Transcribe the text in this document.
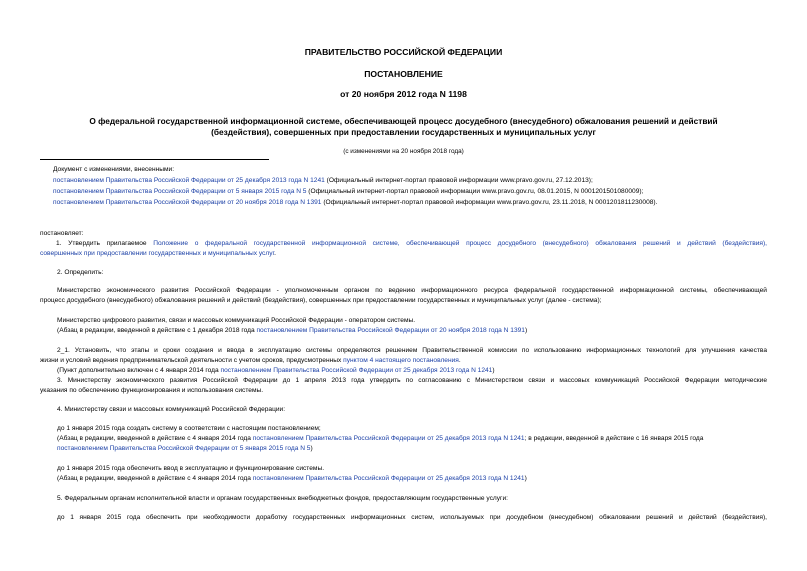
ПРАВИТЕЛЬСТВО РОССИЙСКОЙ ФЕДЕРАЦИИ
ПОСТАНОВЛЕНИЕ
от 20 ноября 2012 года N 1198
О федеральной государственной информационной системе, обеспечивающей процесс досудебного (внесудебного) обжалования решений и действий
(бездействия), совершенных при предоставлении государственных и муниципальных услуг
(с изменениями на 20 ноября 2018 года)
Документ с изменениями, внесенными:
постановлением Правительства Российской Федерации от 25 декабря 2013 года N 1241 (Официальный интернет-портал правовой информации www.pravo.gov.ru, 27.12.2013);
постановлением Правительства Российской Федерации от 5 января 2015 года N 5 (Официальный интернет-портал правовой информации www.pravo.gov.ru, 08.01.2015, N 0001201501080009);
постановлением Правительства Российской Федерации от 20 ноября 2018 года N 1391 (Официальный интернет-портал правовой информации www.pravo.gov.ru, 23.11.2018, N 0001201811230008).
постановляет:
1. Утвердить прилагаемое Положение о федеральной государственной информационной системе, обеспечивающей процесс досудебного (внесудебного) обжалования решений и действий (бездействия),
совершенных при предоставлении государственных и муниципальных услуг.
2. Определить:
Министерство экономического развития Российской Федерации - уполномоченным органом по ведению информационного ресурса федеральной государственной информационной системы, обеспечивающей
процесс досудебного (внесудебного) обжалования решений и действий (бездействия), совершенных при предоставлении государственных и муниципальных услуг (далее - система);
Министерство цифрового развития, связи и массовых коммуникаций Российской Федерации - оператором системы.
(Абзац в редакции, введенной в действие с 1 декабря 2018 года постановлением Правительства Российской Федерации от 20 ноября 2018 года N 1391)
2_1. Установить, что этапы и сроки создания и ввода в эксплуатацию системы определяются решением Правительственной комиссии по использованию информационных технологий для улучшения качества
жизни и условий ведения предпринимательской деятельности с учетом сроков, предусмотренных пунктом 4 настоящего постановления.
(Пункт дополнительно включен с 4 января 2014 года постановлением Правительства Российской Федерации от 25 декабря 2013 года N 1241)
3. Министерству экономического развития Российской Федерации до 1 апреля 2013 года утвердить по согласованию с Министерством связи и массовых коммуникаций Российской Федерации методические
указания по обеспечению функционирования и использования системы.
4. Министерству связи и массовых коммуникаций Российской Федерации:
до 1 января 2015 года создать систему в соответствии с настоящим постановлением;
(Абзац в редакции, введенной в действие с 4 января 2014 года постановлением Правительства Российской Федерации от 25 декабря 2013 года N 1241; в редакции, введенной в действие с 16 января 2015 года
постановлением Правительства Российской Федерации от 5 января 2015 года N 5)
до 1 января 2015 года обеспечить ввод в эксплуатацию и функционирование системы.
(Абзац в редакции, введенной в действие с 4 января 2014 года постановлением Правительства Российской Федерации от 25 декабря 2013 года N 1241)
5. Федеральным органам исполнительной власти и органам государственных внебюджетных фондов, предоставляющим государственные услуги:
до 1 января 2015 года обеспечить при необходимости доработку государственных информационных систем, используемых при досудебном (внесудебном) обжаловании решений и действий (бездействия),
